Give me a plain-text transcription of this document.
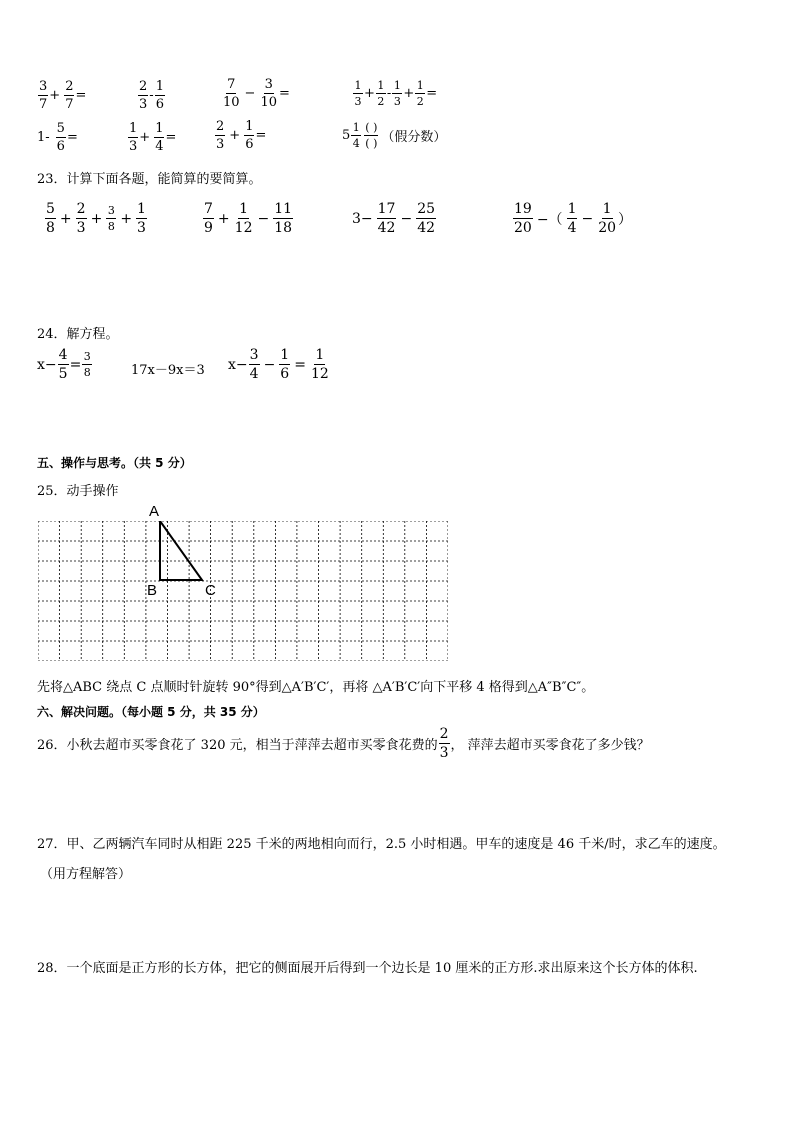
$\frac{3}{7} + \frac{2}{7}$ =	$\frac{2}{3} - \frac{1}{6}$	$\frac{7}{10} - \frac{3}{10}$ =	$\frac{1}{3} + \frac{1}{2} - \frac{1}{3} + \frac{1}{2}$ =
$1- \frac{5}{6}$ =	$\frac{1}{3} + \frac{1}{4}$ =	$\frac{2}{3} + \frac{1}{6}$ =	$5 \frac{1}{4} \frac{( )}{( )}$ （假分数）
23．计算下面各题，能简算的要简算。
$\frac{5}{8} + \frac{2}{3} + \frac{3}{8} + \frac{1}{3}$	$\frac{7}{9} + \frac{1}{12} - \frac{11}{18}$	$3- \frac{17}{42} - \frac{25}{42}$	$\frac{19}{20}$ −（ $\frac{1}{4} - \frac{1}{20}$ ）
24．解方程。
$x- \frac{4}{5} = \frac{3}{8}$	17x－9x＝3 $x- \frac{3}{4} - \frac{1}{6} = \frac{1}{12}$
五、操作与思考。（共 5 分）
25．动手操作
A
B	C
先将△ABC 绕点 C 点顺时针旋转 90°得到△A′B′C′，再将 △A′B′C′向下平移 4 格得到△A″B″C″。
六、解决问题。（每小题 5 分，共 35 分）
26．小秋去超市买零食花了 320 元，相当于萍萍去超市买零食花费的 $\frac{2}{3}$ ， 萍萍去超市买零食花了多少钱？
27．甲、乙两辆汽车同时从相距 225 千米的两地相向而行，2.5 小时相遇。甲车的速度是 46 千米/时，求乙车的速度。
（用方程解答）
28．一个底面是正方形的长方体，把它的侧面展开后得到一个边长是 10 厘米的正方形.求出原来这个长方体的体积.
